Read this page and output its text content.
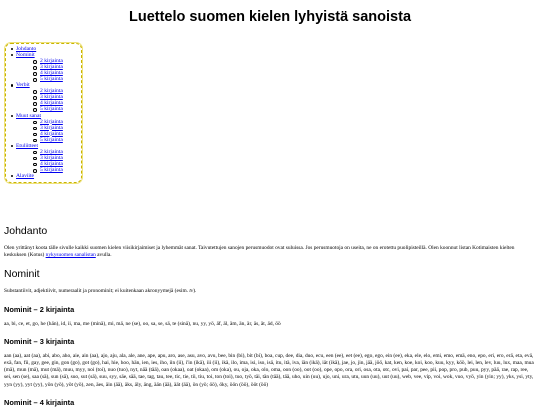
Luettelo suomen kielen lyhyistä sanoista
Johdanto
Nominit
2 kirjainta
3 kirjainta
4 kirjainta
5 kirjainta
Verbit
2 kirjainta
3 kirjainta
4 kirjainta
5 kirjainta
Muut sanat
2 kirjainta
3 kirjainta
4 kirjainta
5 kirjainta
Etuliitteet
2 kirjainta
3 kirjainta
4 kirjainta
5 kirjainta
Alaviite
Johdanto

Olen yrittänyt koota tälle sivulle kaikki suomen kielen viisikirjaimiset ja lyhemmät sanat. Taivutettujen sanojen perusmuodot ovat suluissa. Jos perusmuotoja on useita, ne on erotettu puolipisteillä. Olen koonnut listan Kotimaisten kielten keskuksen (Kotus) nykysuomen sanalistan avulla.

Nominit

Substantiivit, adjektiivit, numeraalit ja pronominit; ei kuitenkaan akronyymejä (esim. tv).

Nominit – 2 kirjainta

aa, bi, ce, et, go, he (hän), id, ii, ma, me (minä), mi, mä, ne (se), oo, sa, se, sä, te (sinä), nu, yy, yö, äf, äl, äm, än, är, äs, ät, äd, öö

Nominit – 3 kirjainta

aan (aa), aat (aa), abi, abo, aho, aie, ain (aa), ajo, aju, ala, ale, ane, ape, apu, aro, ase, asu, avo, avu, bee, bin (bi), bit (bi), boa, cup, dee, dia, duo, ecu, een (ee), eet (ee), ego, ego, ein (ee), eka, ele, elo, emi, emo, emä, eno, epo, eri, ero, erä, eta, evä, exä, fan, fii, gay, gee, gin, gon (go), got (go), hai, hie, hoo, hän, ien, ies, iho, iin (ii), i'in (ikä), iii (ii), ikä, ilo, ima, isi, iso, isä, itu, itä, iva, iän (ikä), iät (ikä), jae, jo, jin, jää, jöö, kat, ken, koe, koi, koo, kuu, kyy, köö, lei, len, lev, luu, lux, maa, mua (mä), mun (mä), mut (mä), muu, myy, noi (toi), nuo (tuo), nyt, nää (tää), oan (okaa), oat (okaa), om (oka), ou, oja, oka, olo, oma, oon (oo), oot (oo), ope, opo, ora, ori, osa, ota, otc, ovi, pai, par, pee, pii, pop, pro, pub, puu, pyy, pää, rae, rap, ree, sei, sen (se), saa (sä), sun (sä), suo, sut (sä), suu, syy, säe, sää, tae, tag, tau, tee, tic, tie, tii, tiu, toi, ton (toi), tuo, työ, täi, tän (tää), tää, uho, uin (uu), ujo, uni, ura, utu, uun (uu), uut (uu), web, vee, vip, voi, wok, vuo, vyö, yin (yin; yy), yks, ysi, yty, yyn (yy), yyt (yy), yön (yö), yöt (yö), zen, äes, äin (ää), äks, äly, äng, ään (ää), äät (ää), ön (yö; öö), öky, öön (öö), ööt (öö)

Nominit – 4 kirjainta
